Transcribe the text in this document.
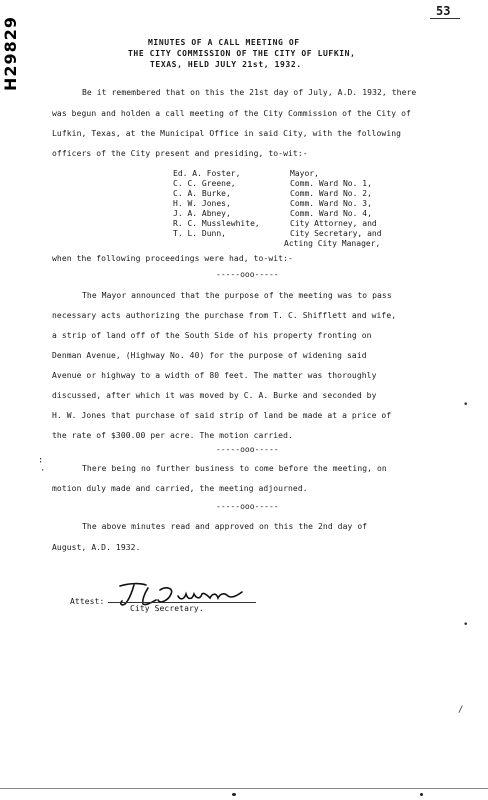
H29829
53
MINUTES OF A CALL MEETING OF
THE CITY COMMISSION OF THE CITY OF LUFKIN,
TEXAS, HELD JULY 21st, 1932.
Be it remembered that on this the 21st day of July, A.D. 1932, there
was begun and holden a call meeting of the City Commission of the City of
Lufkin, Texas, at the Municipal Office in said City, with the following
officers of the City present and presiding, to-wit:-
Ed. A. Foster,	Mayor,
C. C. Greene,	Comm. Ward No. 1,
C. A. Burke,	Comm. Ward No. 2,
H. W. Jones,	Comm. Ward No. 3,
J. A. Abney,	Comm. Ward No. 4,
R. C. Musslewhite,	City Attorney, and
T. L. Dunn,	City Secretary, and
Acting City Manager,
when the following proceedings were had, to-wit:-
-----ooo-----
The Mayor announced that the purpose of the meeting was to pass
necessary acts authorizing the purchase from T. C. Shifflett and wife,
a strip of land off of the South Side of his property fronting on
Denman Avenue, (Highway No. 40) for the purpose of widening said
Avenue or highway to a width of 80 feet. The matter was thoroughly
discussed, after which it was moved by C. A. Burke and seconded by
H. W. Jones that purchase of said strip of land be made at a price of
the rate of $300.00 per acre. The motion carried.
-----ooo-----
There being no further business to come before the meeting, on
motion duly made and carried, the meeting adjourned.
-----ooo-----
The above minutes read and approved on this the 2nd day of
August, A.D. 1932.
Attest:
City Secretary.
∶
·
•
•
/
